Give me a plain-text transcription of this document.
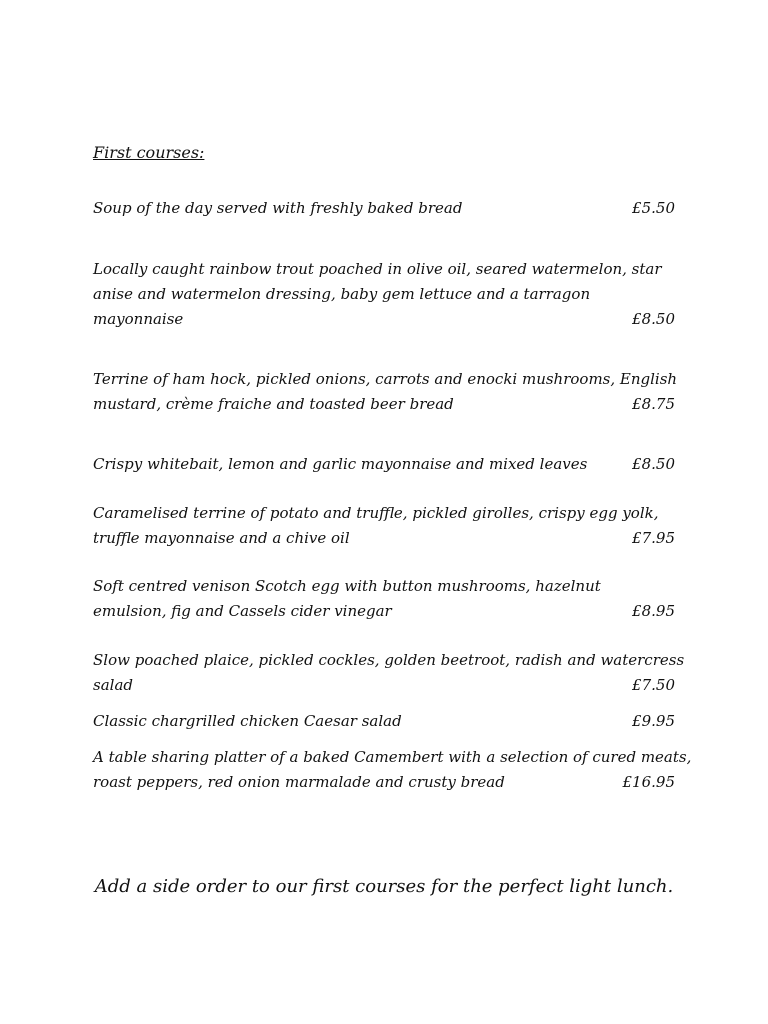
First courses:
Soup of the day served with freshly baked bread	£5.50
Locally caught rainbow trout poached in olive oil, seared watermelon, star
anise and watermelon dressing, baby gem lettuce and a tarragon
mayonnaise	£8.50
Terrine of ham hock, pickled onions, carrots and enocki mushrooms, English
mustard, crème fraiche and toasted beer bread	£8.75
Crispy whitebait, lemon and garlic mayonnaise and mixed leaves	£8.50
Caramelised terrine of potato and truffle, pickled girolles, crispy egg yolk,
truffle mayonnaise and a chive oil	£7.95
Soft centred venison Scotch egg with button mushrooms, hazelnut
emulsion, fig and Cassels cider vinegar	£8.95
Slow poached plaice, pickled cockles, golden beetroot, radish and watercress
salad	£7.50
Classic chargrilled chicken Caesar salad	£9.95
A table sharing platter of a baked Camembert with a selection of cured meats,
roast peppers, red onion marmalade and crusty bread	£16.95
Add a side order to our first courses for the perfect light lunch.
